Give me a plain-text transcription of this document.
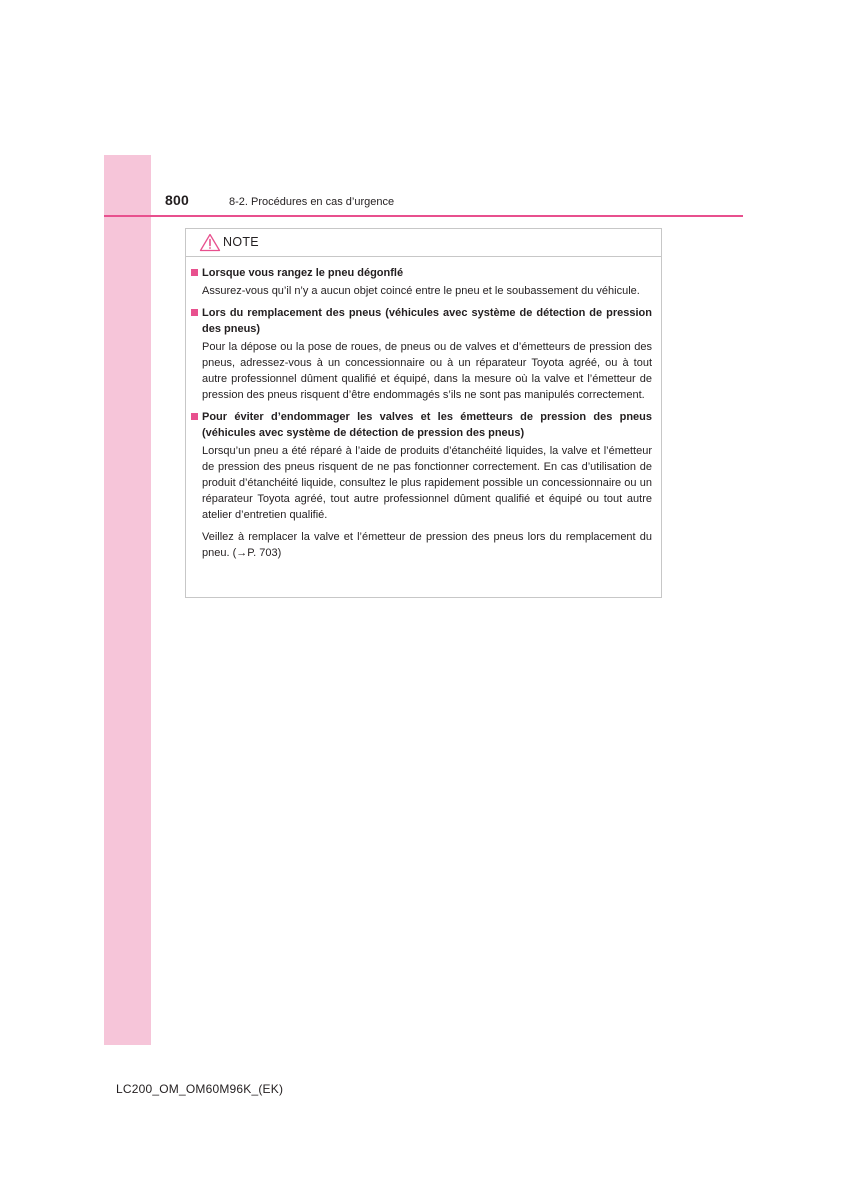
800	8-2. Procédures en cas d’urgence
NOTE
Lorsque vous rangez le pneu dégonflé

Assurez-vous qu’il n’y a aucun objet coincé entre le pneu et le soubassement du véhicule.

Lors du remplacement des pneus (véhicules avec système de détection de pression des pneus)

Pour la dépose ou la pose de roues, de pneus ou de valves et d’émetteurs de pression des pneus, adressez-vous à un concessionnaire ou à un réparateur Toyota agréé, ou à tout autre professionnel dûment qualifié et équipé, dans la mesure où la valve et l’émetteur de pression des pneus risquent d’être endommagés s’ils ne sont pas manipulés correctement.

Pour éviter d’endommager les valves et les émetteurs de pression des pneus (véhicules avec système de détection de pression des pneus)

Lorsqu’un pneu a été réparé à l’aide de produits d’étanchéité liquides, la valve et l’émetteur de pression des pneus risquent de ne pas fonctionner correctement. En cas d’utilisation de produit d’étanchéité liquide, consultez le plus rapidement possible un concessionnaire ou un réparateur Toyota agréé, tout autre professionnel dûment qualifié et équipé ou tout autre atelier d’entretien qualifié.

Veillez à remplacer la valve et l’émetteur de pression des pneus lors du remplacement du pneu. (→P. 703)

LC200_OM_OM60M96K_(EK)
